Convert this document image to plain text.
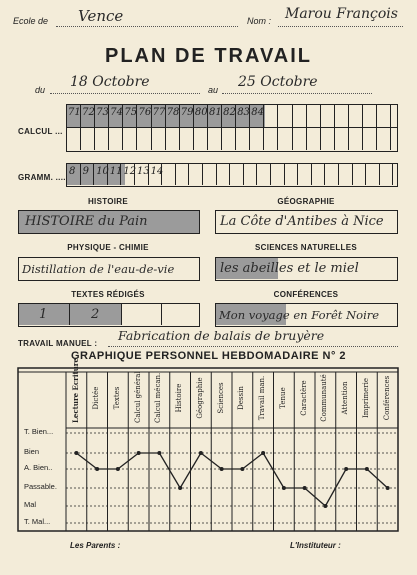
Ecole de Vence	Nom : Marou François
PLAN DE TRAVAIL
du 18 Octobre	au 25 Octobre
CALCUL ...
71 72 73 74 75 76 77 78 79 80 81 82 83 84
GRAMM. ....
8 9 10 11 12 13 14
HISTOIRE
HISTOIRE du Pain
GÉOGRAPHIE
La Côte d'Antibes à Nice
PHYSIQUE - CHIMIE
Distillation de l'eau-de-vie
SCIENCES NATURELLES
les abeilles et le miel
TEXTES RÉDIGÉS
1	2
CONFÉRENCES
Mon voyage en Forêt Noire
TRAVAIL MANUEL :
Fabrication de balais de bruyère
GRAPHIQUE PERSONNEL HEBDOMADAIRE N° 2
T. Bien...
Bien
A. Bien..
Passable.
Mal
T. Mal...
Lecture Ecriture Dictée Textes Calcul général Calcul mécan. Histoire Géographie Sciences Dessin Travail man. Tenue Caractère Communauté Attention Imprimerie Conférences
Les Parents :	L'Instituteur :
